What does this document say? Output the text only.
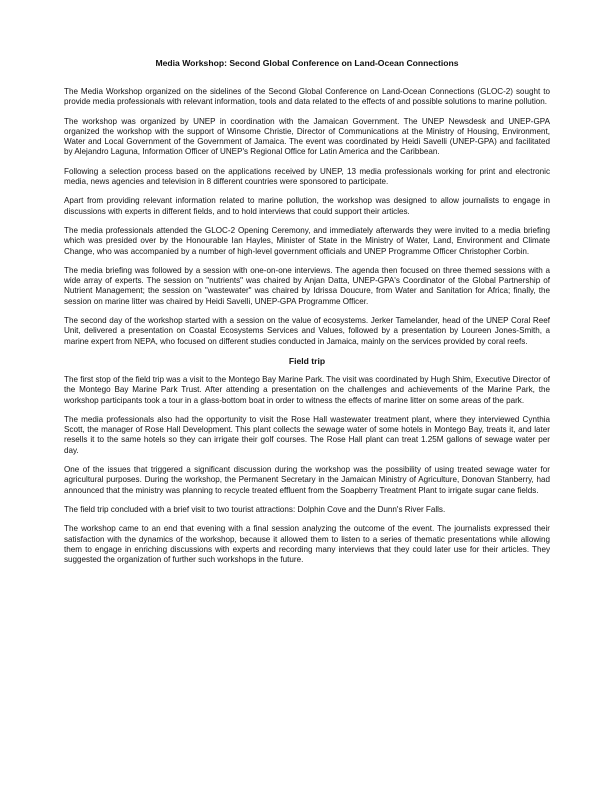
Media Workshop: Second Global Conference on Land-Ocean Connections

The Media Workshop organized on the sidelines of the Second Global Conference on Land-Ocean Connections (GLOC-2) sought to provide media professionals with relevant information, tools and data related to the effects of and possible solutions to marine pollution.

The workshop was organized by UNEP in coordination with the Jamaican Government. The UNEP Newsdesk and UNEP-GPA organized the workshop with the support of Winsome Christie, Director of Communications at the Ministry of Housing, Environment, Water and Local Government of the Government of Jamaica. The event was coordinated by Heidi Savelli (UNEP-GPA) and facilitated by Alejandro Laguna, Information Officer of UNEP's Regional Office for Latin America and the Caribbean.

Following a selection process based on the applications received by UNEP, 13 media professionals working for print and electronic media, news agencies and television in 8 different countries were sponsored to participate.

Apart from providing relevant information related to marine pollution, the workshop was designed to allow journalists to engage in discussions with experts in different fields, and to hold interviews that could support their articles.

The media professionals attended the GLOC-2 Opening Ceremony, and immediately afterwards they were invited to a media briefing which was presided over by the Honourable Ian Hayles, Minister of State in the Ministry of Water, Land, Environment and Climate Change, who was accompanied by a number of high-level government officials and UNEP Programme Officer Christopher Corbin.

The media briefing was followed by a session with one-on-one interviews. The agenda then focused on three themed sessions with a wide array of experts. The session on "nutrients" was chaired by Anjan Datta, UNEP-GPA's Coordinator of the Global Partnership of Nutrient Management; the session on "wastewater" was chaired by Idrissa Doucure, from Water and Sanitation for Africa; finally, the session on marine litter was chaired by Heidi Savelli, UNEP-GPA Programme Officer.

The second day of the workshop started with a session on the value of ecosystems. Jerker Tamelander, head of the UNEP Coral Reef Unit, delivered a presentation on Coastal Ecosystems Services and Values, followed by a presentation by Loureen Jones-Smith, a marine expert from NEPA, who focused on different studies conducted in Jamaica, mainly on the services provided by coral reefs.

Field trip

The first stop of the field trip was a visit to the Montego Bay Marine Park. The visit was coordinated by Hugh Shim, Executive Director of the Montego Bay Marine Park Trust. After attending a presentation on the challenges and achievements of the Marine Park, the workshop participants took a tour in a glass-bottom boat in order to witness the effects of marine litter on some areas of the park.

The media professionals also had the opportunity to visit the Rose Hall wastewater treatment plant, where they interviewed Cynthia Scott, the manager of Rose Hall Development. This plant collects the sewage water of some hotels in Montego Bay, treats it, and later resells it to the same hotels so they can irrigate their golf courses. The Rose Hall plant can treat 1.25M gallons of sewage water per day.

One of the issues that triggered a significant discussion during the workshop was the possibility of using treated sewage water for agricultural purposes. During the workshop, the Permanent Secretary in the Jamaican Ministry of Agriculture, Donovan Stanberry, had announced that the ministry was planning to recycle treated effluent from the Soapberry Treatment Plant to irrigate sugar cane fields.

The field trip concluded with a brief visit to two tourist attractions: Dolphin Cove and the Dunn's River Falls.

The workshop came to an end that evening with a final session analyzing the outcome of the event. The journalists expressed their satisfaction with the dynamics of the workshop, because it allowed them to listen to a series of thematic presentations while allowing them to engage in enriching discussions with experts and recording many interviews that they could later use for their articles. They suggested the organization of further such workshops in the future.
